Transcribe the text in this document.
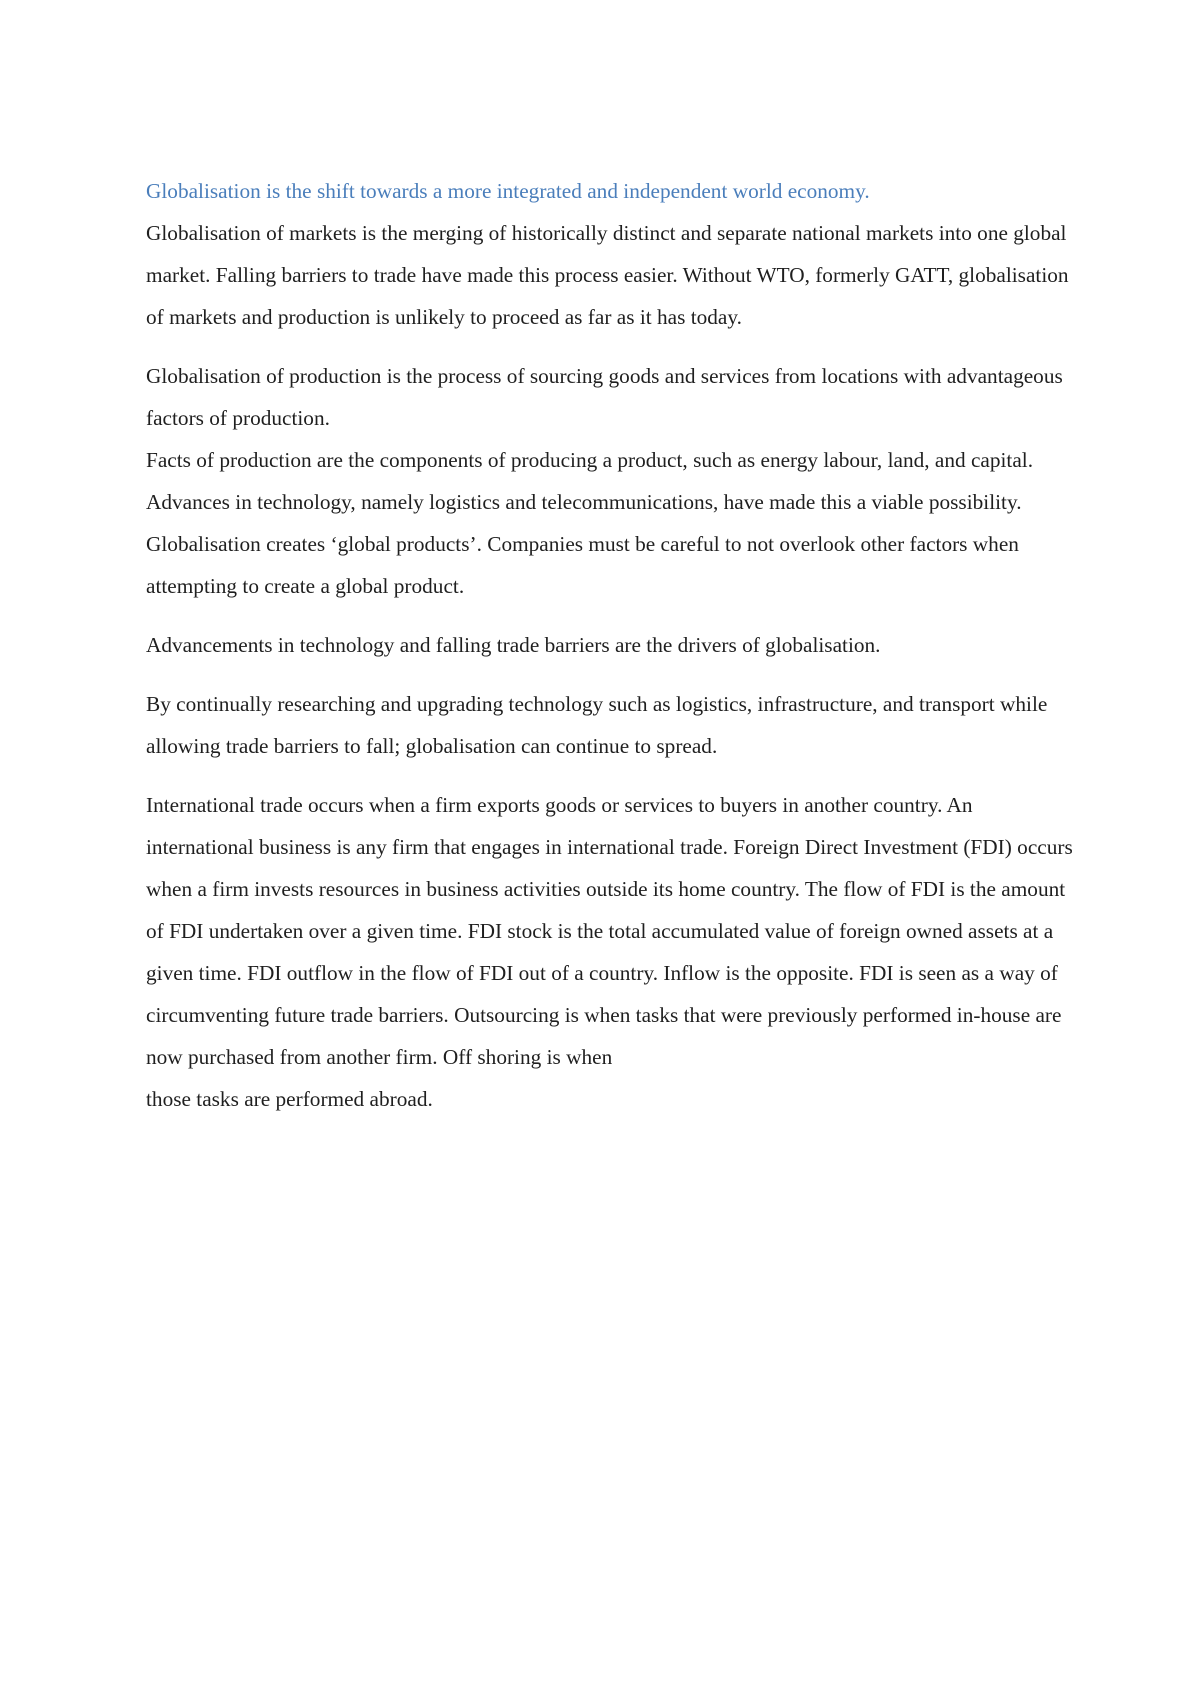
Globalisation is the shift towards a more integrated and independent world economy.

Globalisation of markets is the merging of historically distinct and separate national markets into one global market. Falling barriers to trade have made this process easier. Without WTO, formerly GATT, globalisation of markets and production is unlikely to proceed as far as it has today.

Globalisation of production is the process of sourcing goods and services from locations with advantageous factors of production.

Facts of production are the components of producing a product, such as energy labour, land, and capital. Advances in technology, namely logistics and telecommunications, have made this a viable possibility. Globalisation creates ‘global products’. Companies must be careful to not overlook other factors when attempting to create a global product.

Advancements in technology and falling trade barriers are the drivers of globalisation.

By continually researching and upgrading technology such as logistics, infrastructure, and transport while allowing trade barriers to fall; globalisation can continue to spread.

International trade occurs when a firm exports goods or services to buyers in another country. An international business is any firm that engages in international trade. Foreign Direct Investment (FDI) occurs when a firm invests resources in business activities outside its home country. The flow of FDI is the amount of FDI undertaken over a given time. FDI stock is the total accumulated value of foreign owned assets at a given time. FDI outflow in the flow of FDI out of a country. Inflow is the opposite. FDI is seen as a way of circumventing future trade barriers. Outsourcing is when tasks that were previously performed in-house are now purchased from another firm. Off shoring is when

those tasks are performed abroad.
